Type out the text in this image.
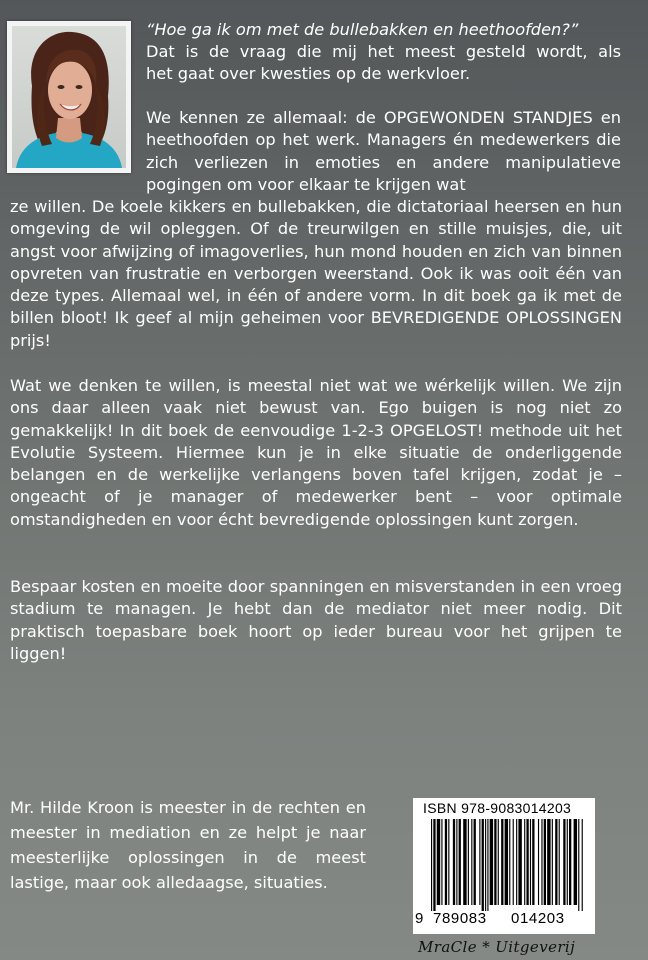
“Hoe ga ik om met de bullebakken en heethoofden?”

Dat is de vraag die mij het meest gesteld wordt, als
het gaat over kwesties op de werkvloer.

We kennen ze allemaal: de OPGEWONDEN STANDJES en heethoofden op het werk. Managers én medewerkers die zich verliezen in emoties en andere manipulatieve pogingen om voor elkaar te krijgen wat

ze willen. De koele kikkers en bullebakken, die dictatoriaal heersen en hun omgeving de wil opleggen. Of de treurwilgen en stille muisjes, die, uit angst voor afwijzing of imagoverlies, hun mond houden en zich van binnen opvreten van frustratie en verborgen weerstand. Ook ik was ooit één van deze types. Allemaal wel, in één of andere vorm. In dit boek ga ik met de billen bloot! Ik geef al mijn geheimen voor BEVREDIGENDE OPLOSSINGEN prijs!

Wat we denken te willen, is meestal niet wat we wérkelijk willen. We zijn ons daar alleen vaak niet bewust van. Ego buigen is nog niet zo gemakkelijk! In dit boek de eenvoudige 1-2-3 OPGELOST! methode uit het Evolutie Systeem. Hiermee kun je in elke situatie de onderliggende belangen en de werkelijke verlangens boven tafel krijgen, zodat je – ongeacht of je manager of medewerker bent – voor optimale omstandigheden en voor écht bevredigende oplossingen kunt zorgen.

Bespaar kosten en moeite door spanningen en misverstanden in een vroeg stadium te managen. Je hebt dan de mediator niet meer nodig. Dit praktisch toepasbare boek hoort op ieder bureau voor het grijpen te liggen!

Mr. Hilde Kroon is meester in de rechten en meester in mediation en ze helpt je naar meesterlijke oplossingen in de meest lastige, maar ook alledaagse, situaties.

ISBN 978-9083014203
9 789083 014203
MraCle * Uitgeverij
